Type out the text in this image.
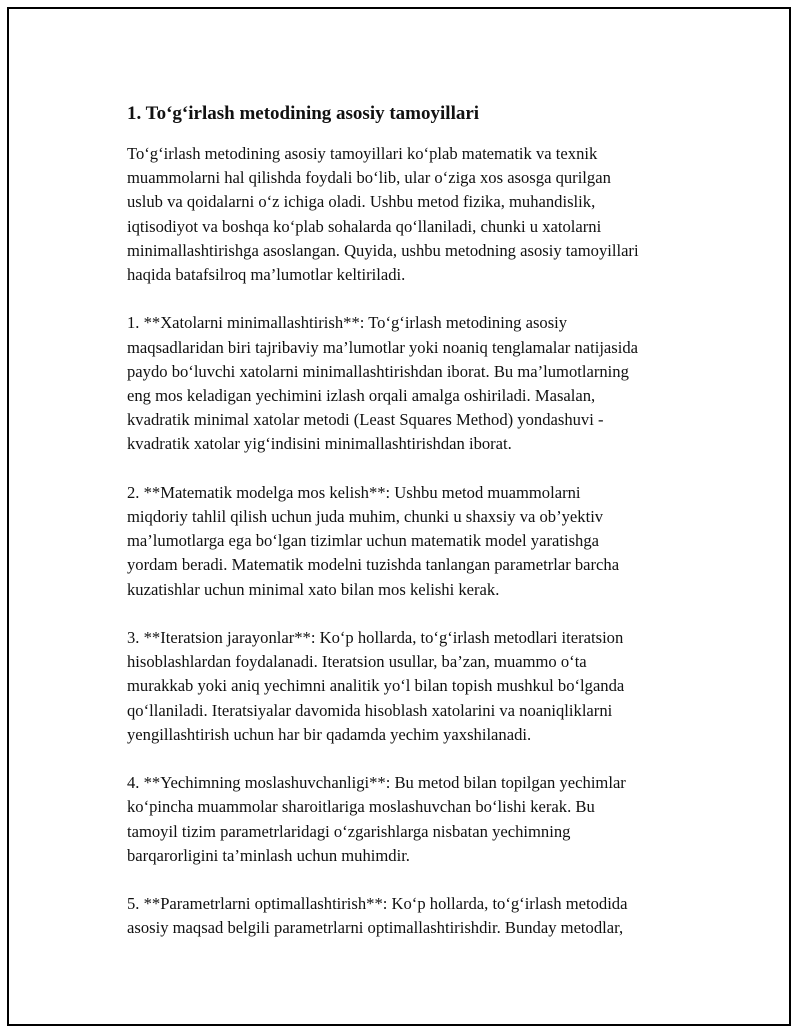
1. To‘g‘irlash metodining asosiy tamoyillari

To‘g‘irlash metodining asosiy tamoyillari ko‘plab matematik va texnik
muammolarni hal qilishda foydali bo‘lib, ular o‘ziga xos asosga qurilgan
uslub va qoidalarni o‘z ichiga oladi. Ushbu metod fizika, muhandislik,
iqtisodiyot va boshqa ko‘plab sohalarda qo‘llaniladi, chunki u xatolarni
minimallashtirishga asoslangan. Quyida, ushbu metodning asosiy tamoyillari
haqida batafsilroq ma’lumotlar keltiriladi.

1. **Xatolarni minimallashtirish**: To‘g‘irlash metodining asosiy
maqsadlaridan biri tajribaviy ma’lumotlar yoki noaniq tenglamalar natijasida
paydo bo‘luvchi xatolarni minimallashtirishdan iborat. Bu ma’lumotlarning
eng mos keladigan yechimini izlash orqali amalga oshiriladi. Masalan,
kvadratik minimal xatolar metodi (Least Squares Method) yondashuvi -
kvadratik xatolar yig‘indisini minimallashtirishdan iborat.

2. **Matematik modelga mos kelish**: Ushbu metod muammolarni
miqdoriy tahlil qilish uchun juda muhim, chunki u shaxsiy va ob’yektiv
ma’lumotlarga ega bo‘lgan tizimlar uchun matematik model yaratishga
yordam beradi. Matematik modelni tuzishda tanlangan parametrlar barcha
kuzatishlar uchun minimal xato bilan mos kelishi kerak.

3. **Iteratsion jarayonlar**: Ko‘p hollarda, to‘g‘irlash metodlari iteratsion
hisoblashlardan foydalanadi. Iteratsion usullar, ba’zan, muammo o‘ta
murakkab yoki aniq yechimni analitik yo‘l bilan topish mushkul bo‘lganda
qo‘llaniladi. Iteratsiyalar davomida hisoblash xatolarini va noaniqliklarni
yengillashtirish uchun har bir qadamda yechim yaxshilanadi.

4. **Yechimning moslashuvchanligi**: Bu metod bilan topilgan yechimlar
ko‘pincha muammolar sharoitlariga moslashuvchan bo‘lishi kerak. Bu
tamoyil tizim parametrlaridagi o‘zgarishlarga nisbatan yechimning
barqarorligini ta’minlash uchun muhimdir.

5. **Parametrlarni optimallashtirish**: Ko‘p hollarda, to‘g‘irlash metodida
asosiy maqsad belgili parametrlarni optimallashtirishdir. Bunday metodlar,
